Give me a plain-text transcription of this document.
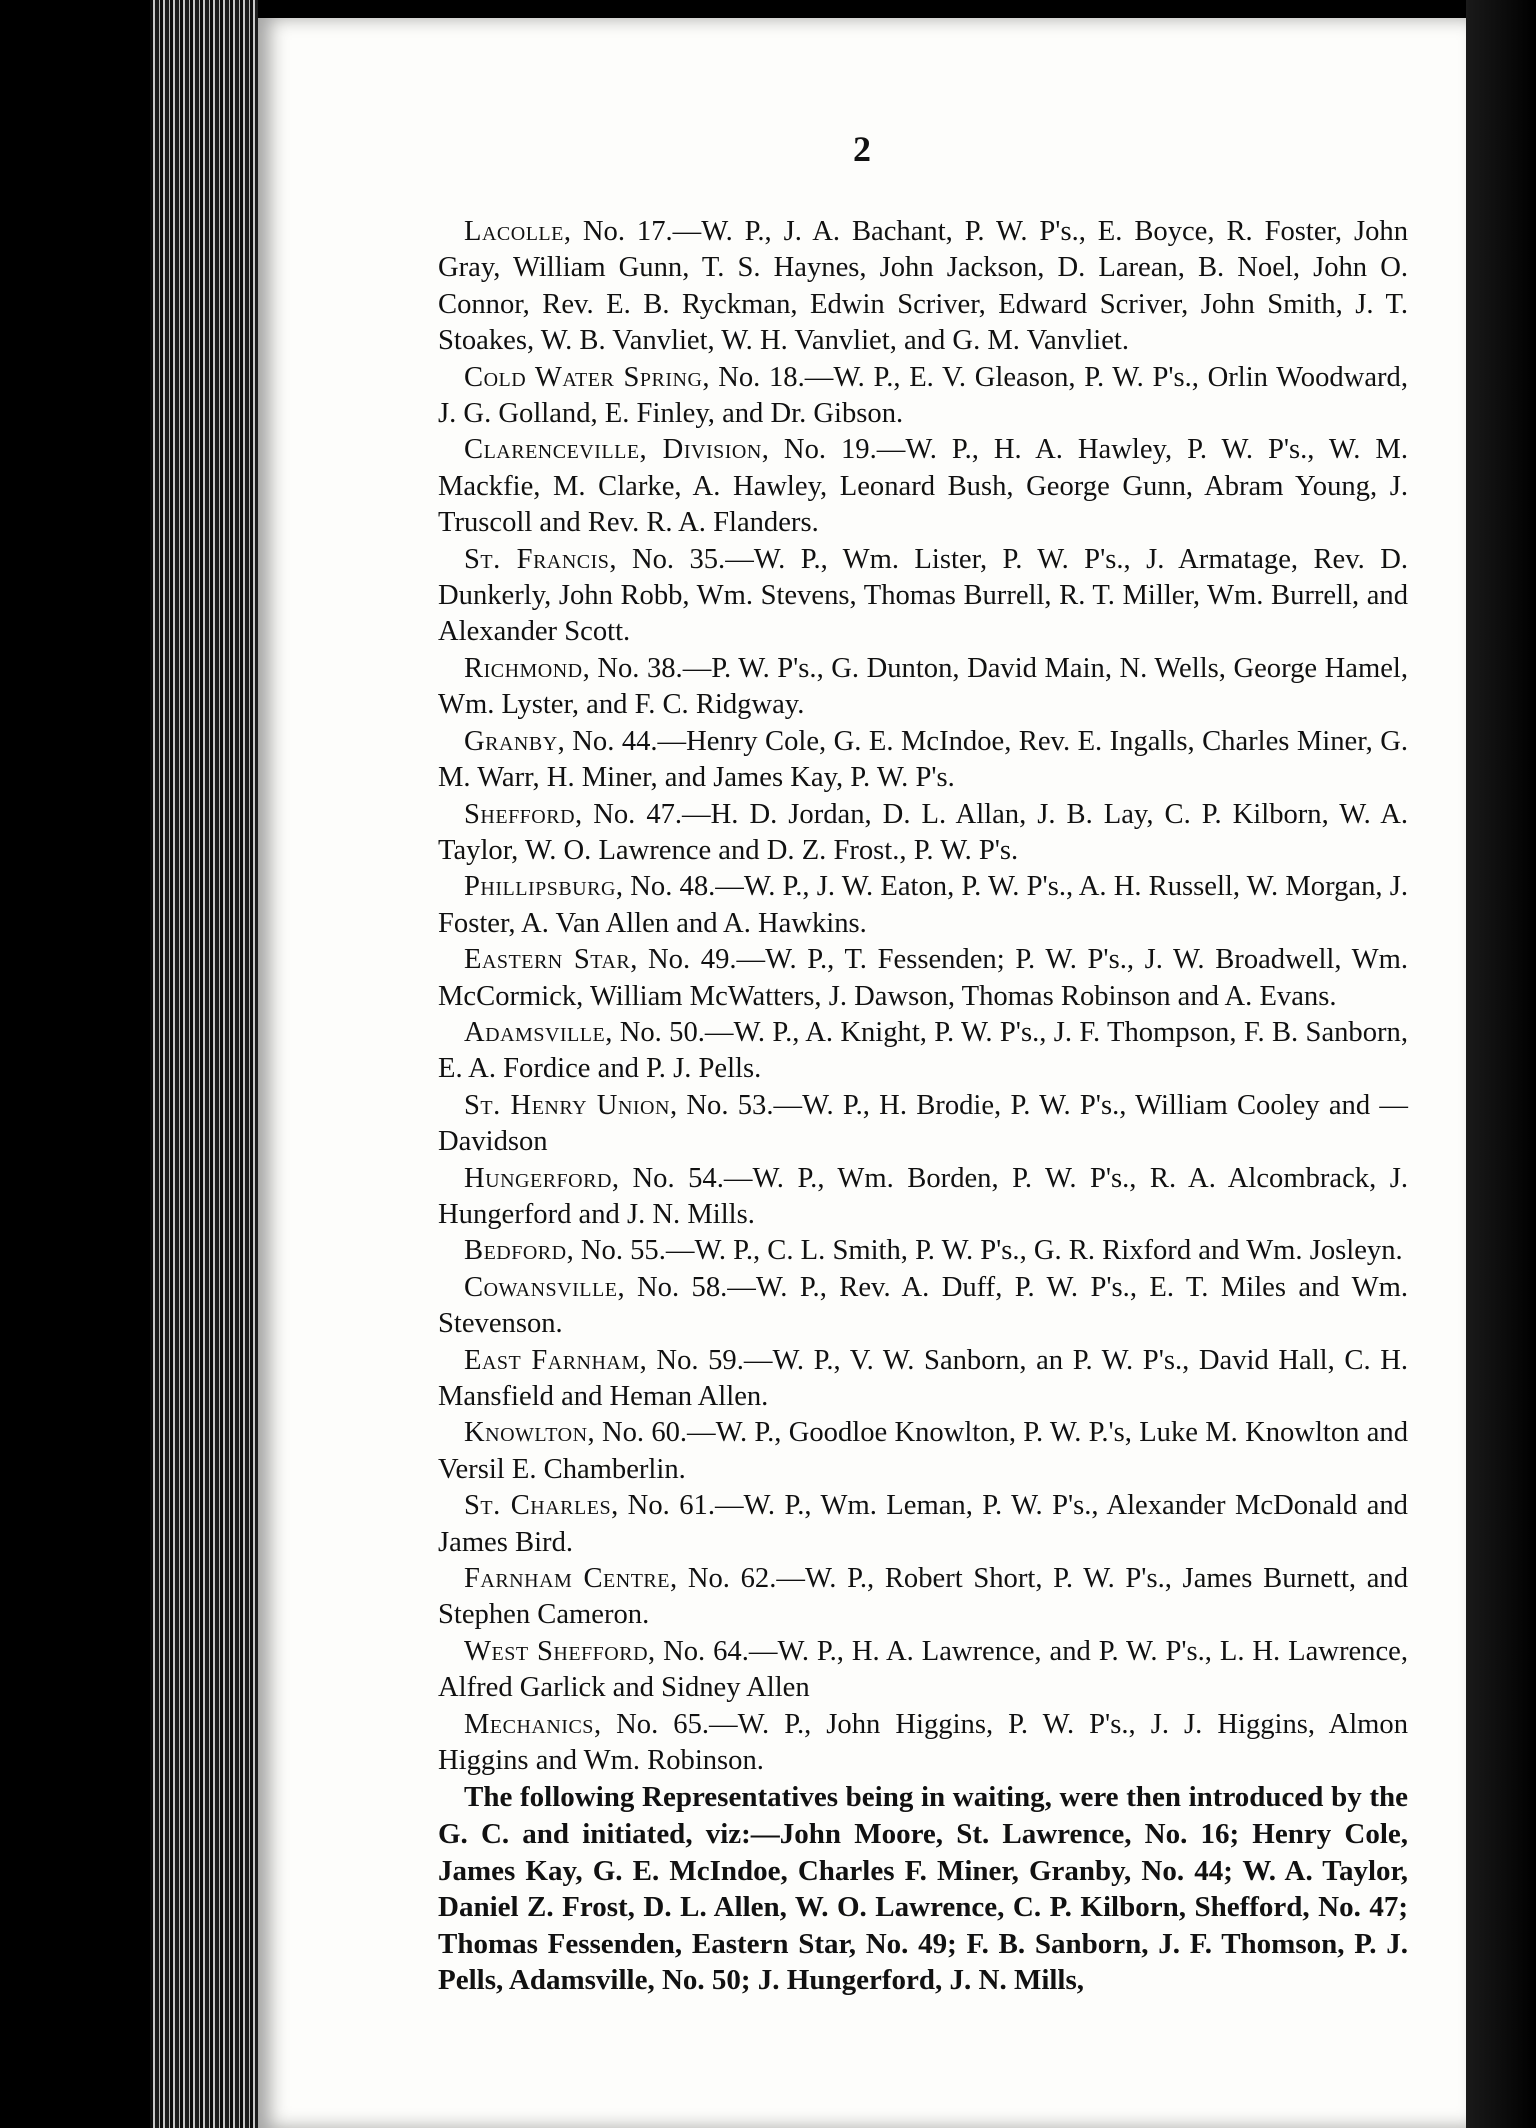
2

Lacolle, No. 17.—W. P., J. A. Bachant, P. W. P's., E. Boyce, R. Foster, John Gray, William Gunn, T. S. Haynes, John Jackson, D. Larean, B. Noel, John O. Connor, Rev. E. B. Ryckman, Edwin Scriver, Edward Scriver, John Smith, J. T. Stoakes, W. B. Vanvliet, W. H. Vanvliet, and G. M. Vanvliet.

Cold Water Spring, No. 18.—W. P., E. V. Gleason, P. W. P's., Orlin Woodward, J. G. Golland, E. Finley, and Dr. Gibson.

Clarenceville, Division, No. 19.—W. P., H. A. Hawley, P. W. P's., W. M. Mackfie, M. Clarke, A. Hawley, Leonard Bush, George Gunn, Abram Young, J. Truscoll and Rev. R. A. Flanders.

St. Francis, No. 35.—W. P., Wm. Lister, P. W. P's., J. Armatage, Rev. D. Dunkerly, John Robb, Wm. Stevens, Thomas Burrell, R. T. Miller, Wm. Burrell, and Alexander Scott.

Richmond, No. 38.—P. W. P's., G. Dunton, David Main, N. Wells, George Hamel, Wm. Lyster, and F. C. Ridgway.

Granby, No. 44.—Henry Cole, G. E. McIndoe, Rev. E. Ingalls, Charles Miner, G. M. Warr, H. Miner, and James Kay, P. W. P's.

Shefford, No. 47.—H. D. Jordan, D. L. Allan, J. B. Lay, C. P. Kilborn, W. A. Taylor, W. O. Lawrence and D. Z. Frost., P. W. P's.

Phillipsburg, No. 48.—W. P., J. W. Eaton, P. W. P's., A. H. Russell, W. Morgan, J. Foster, A. Van Allen and A. Hawkins.

Eastern Star, No. 49.—W. P., T. Fessenden; P. W. P's., J. W. Broadwell, Wm. McCormick, William McWatters, J. Dawson, Thomas Robinson and A. Evans.

Adamsville, No. 50.—W. P., A. Knight, P. W. P's., J. F. Thompson, F. B. Sanborn, E. A. Fordice and P. J. Pells.

St. Henry Union, No. 53.—W. P., H. Brodie, P. W. P's., William Cooley and — Davidson

Hungerford, No. 54.—W. P., Wm. Borden, P. W. P's., R. A. Alcombrack, J. Hungerford and J. N. Mills.

Bedford, No. 55.—W. P., C. L. Smith, P. W. P's., G. R. Rixford and Wm. Josleyn.

Cowansville, No. 58.—W. P., Rev. A. Duff, P. W. P's., E. T. Miles and Wm. Stevenson.

East Farnham, No. 59.—W. P., V. W. Sanborn, an P. W. P's., David Hall, C. H. Mansfield and Heman Allen.

Knowlton, No. 60.—W. P., Goodloe Knowlton, P. W. P.'s, Luke M. Knowlton and Versil E. Chamberlin.

St. Charles, No. 61.—W. P., Wm. Leman, P. W. P's., Alexander McDonald and James Bird.

Farnham Centre, No. 62.—W. P., Robert Short, P. W. P's., James Burnett, and Stephen Cameron.

West Shefford, No. 64.—W. P., H. A. Lawrence, and P. W. P's., L. H. Lawrence, Alfred Garlick and Sidney Allen

Mechanics, No. 65.—W. P., John Higgins, P. W. P's., J. J. Higgins, Almon Higgins and Wm. Robinson.

The following Representatives being in waiting, were then introduced by the G. C. and initiated, viz:—John Moore, St. Lawrence, No. 16; Henry Cole, James Kay, G. E. McIndoe, Charles F. Miner, Granby, No. 44; W. A. Taylor, Daniel Z. Frost, D. L. Allen, W. O. Lawrence, C. P. Kilborn, Shefford, No. 47; Thomas Fessenden, Eastern Star, No. 49; F. B. Sanborn, J. F. Thomson, P. J. Pells, Adamsville, No. 50; J. Hungerford, J. N. Mills,
